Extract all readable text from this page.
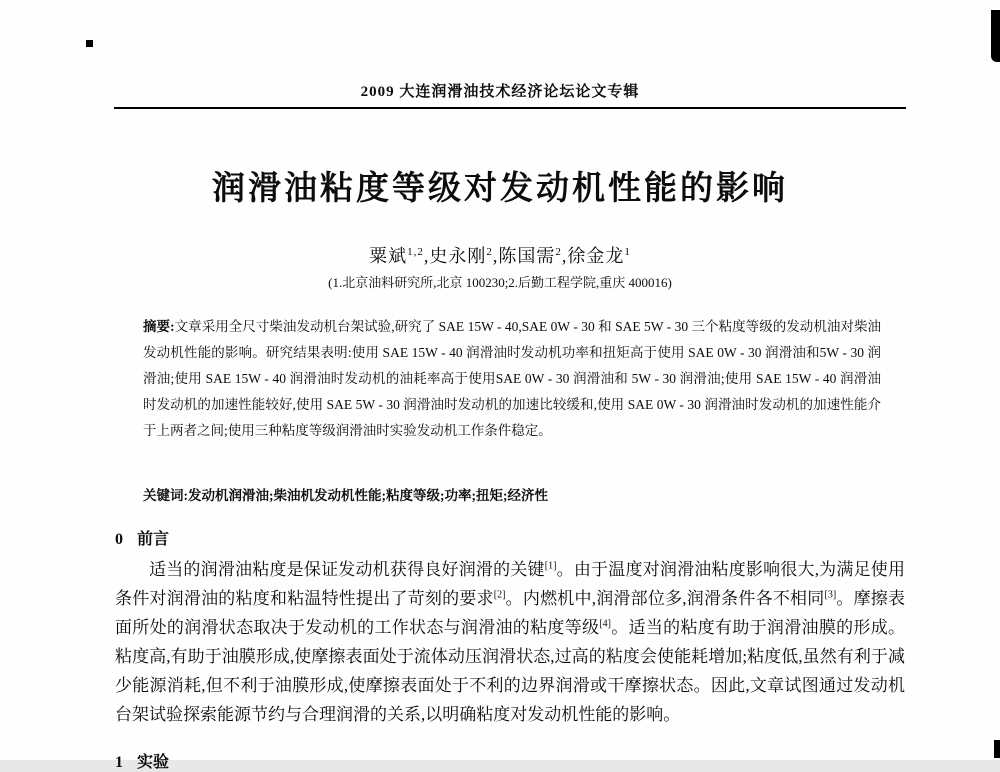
2009 大连润滑油技术经济论坛论文专辑
润滑油粘度等级对发动机性能的影响
粟斌$^{1,2}$,史永刚$^2$,陈国需$^2$,徐金龙$^1$
(1.北京油料研究所,北京 100230;2.后勤工程学院,重庆 400016)

摘要:文章采用全尺寸柴油发动机台架试验,研究了 SAE 15W - 40,SAE 0W - 30 和 SAE 5W - 30 三个粘度等级的发动机油对柴油发动机性能的影响。研究结果表明:使用 SAE 15W - 40 润滑油时发动机功率和扭矩高于使用 SAE 0W - 30 润滑油和5W - 30 润滑油;使用 SAE 15W - 40 润滑油时发动机的油耗率高于使用SAE 0W - 30 润滑油和 5W - 30 润滑油;使用 SAE 15W - 40 润滑油时发动机的加速性能较好,使用 SAE 5W - 30 润滑油时发动机的加速比较缓和,使用 SAE 0W - 30 润滑油时发动机的加速性能介于上两者之间;使用三种粘度等级润滑油时实验发动机工作条件稳定。

关键词:发动机润滑油;柴油机发动机性能;粘度等级;功率;扭矩;经济性

0 前言

适当的润滑油粘度是保证发动机获得良好润滑的关键[1]。由于温度对润滑油粘度影响很大,为满足使用条件对润滑油的粘度和粘温特性提出了苛刻的要求[2]。内燃机中,润滑部位多,润滑条件各不相同[3]。摩擦表面所处的润滑状态取决于发动机的工作状态与润滑油的粘度等级[4]。适当的粘度有助于润滑油膜的形成。粘度高,有助于油膜形成,使摩擦表面处于流体动压润滑状态,过高的粘度会使能耗增加;粘度低,虽然有利于减少能源消耗,但不利于油膜形成,使摩擦表面处于不利的边界润滑或干摩擦状态。因此,文章试图通过发动机台架试验探索能源节约与合理润滑的关系,以明确粘度对发动机性能的影响。

1 实验
